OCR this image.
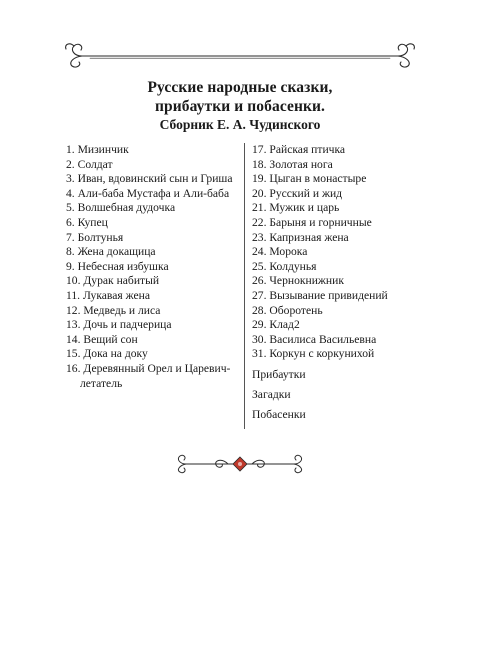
Русские народные сказки,
прибаутки и побасенки.
Сборник Е. А. Чудинского
1. Мизинчик
2. Солдат
3. Иван, вдовинский сын и Гриша
4. Али-баба Мустафа и Али-баба
5. Волшебная дудочка
6. Купец
7. Болтунья
8. Жена докащица
9. Небесная избушка
10. Дурак набитый
11. Лукавая жена
12. Медведь и лиса
13. Дочь и падчерица
14. Вещий сон
15. Дока на доку
16. Деревянный Орел и Царевич-летатель
17. Райская птичка
18. Золотая нога
19. Цыган в монастыре
20. Русский и жид
21. Мужик и царь
22. Барыня и горничные
23. Капризная жена
24. Морока
25. Колдунья
26. Чернокнижник
27. Вызывание привидений
28. Оборотень
29. Клад2
30. Василиса Васильевна
31. Коркун с коркунихой
Прибаутки
Загадки
Побасенки
